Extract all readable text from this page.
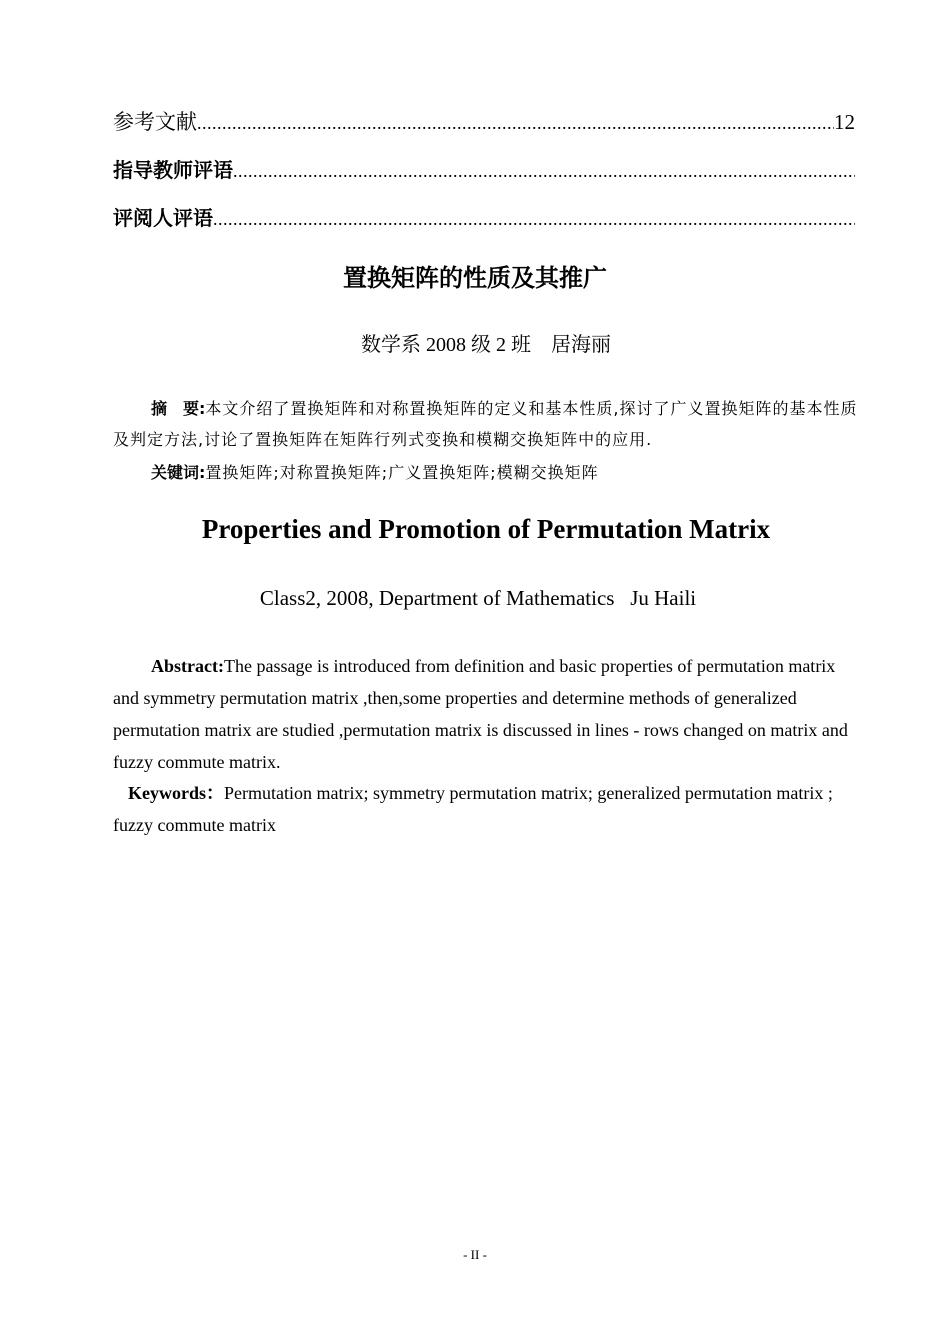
参考文献
.....	12
指导教师评语
.....
评阅人评语
.....
置换矩阵的性质及其推广
数学系 2008 级 2 班    居海丽
摘　要:本文介绍了置换矩阵和对称置换矩阵的定义和基本性质,探讨了广义置换矩阵的基本性质及判定方法,讨论了置换矩阵在矩阵行列式变换和模糊交换矩阵中的应用.
关键词:置换矩阵;对称置换矩阵;广义置换矩阵;模糊交换矩阵
Properties and Promotion of Permutation Matrix
Class2, 2008, Department of Mathematics   Ju Haili
Abstract:The passage is introduced from definition and basic properties of permutation matrix and symmetry permutation matrix ,then,some properties and determine methods of generalized permutation matrix are studied ,permutation matrix is discussed in lines - rows changed on matrix and fuzzy commute matrix.
Keywords：Permutation matrix; symmetry permutation matrix; generalized permutation matrix ; fuzzy commute matrix
- II -
